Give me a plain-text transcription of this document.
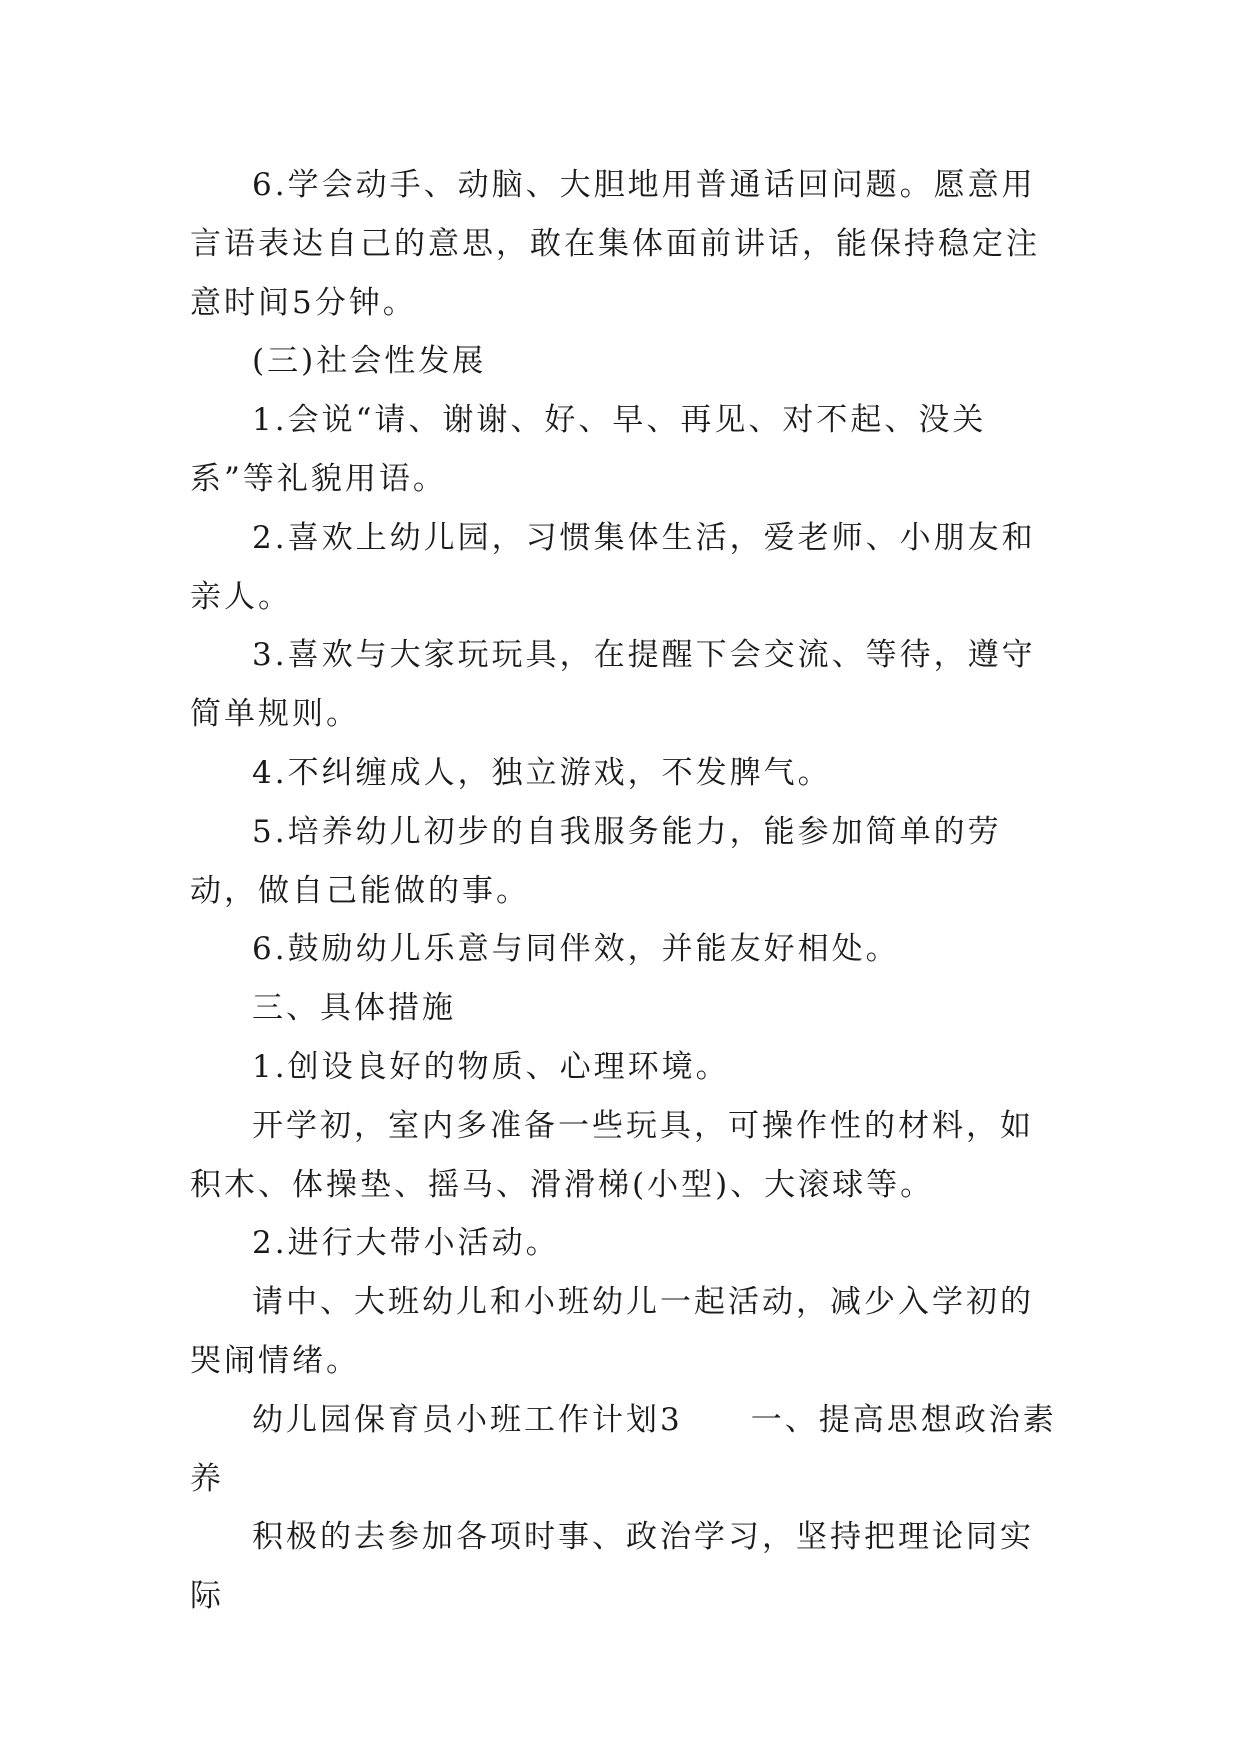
6.学会动手、动脑、大胆地用普通话回问题。愿意用言语表达自己的意思，敢在集体面前讲话，能保持稳定注意时间5分钟。

(三)社会性发展

1.会说“请、谢谢、好、早、再见、对不起、没关系”等礼貌用语。

2.喜欢上幼儿园，习惯集体生活，爱老师、小朋友和亲人。

3.喜欢与大家玩玩具，在提醒下会交流、等待，遵守简单规则。

4.不纠缠成人，独立游戏，不发脾气。

5.培养幼儿初步的自我服务能力，能参加简单的劳动，做自己能做的事。

6.鼓励幼儿乐意与同伴效，并能友好相处。

三、具体措施

1.创设良好的物质、心理环境。

开学初，室内多准备一些玩具，可操作性的材料，如积木、体操垫、摇马、滑滑梯(小型)、大滚球等。

2.进行大带小活动。

请中、大班幼儿和小班幼儿一起活动，减少入学初的哭闹情绪。

幼儿园保育员小班工作计划3　　一、提高思想政治素养

积极的去参加各项时事、政治学习，坚持把理论同实际
